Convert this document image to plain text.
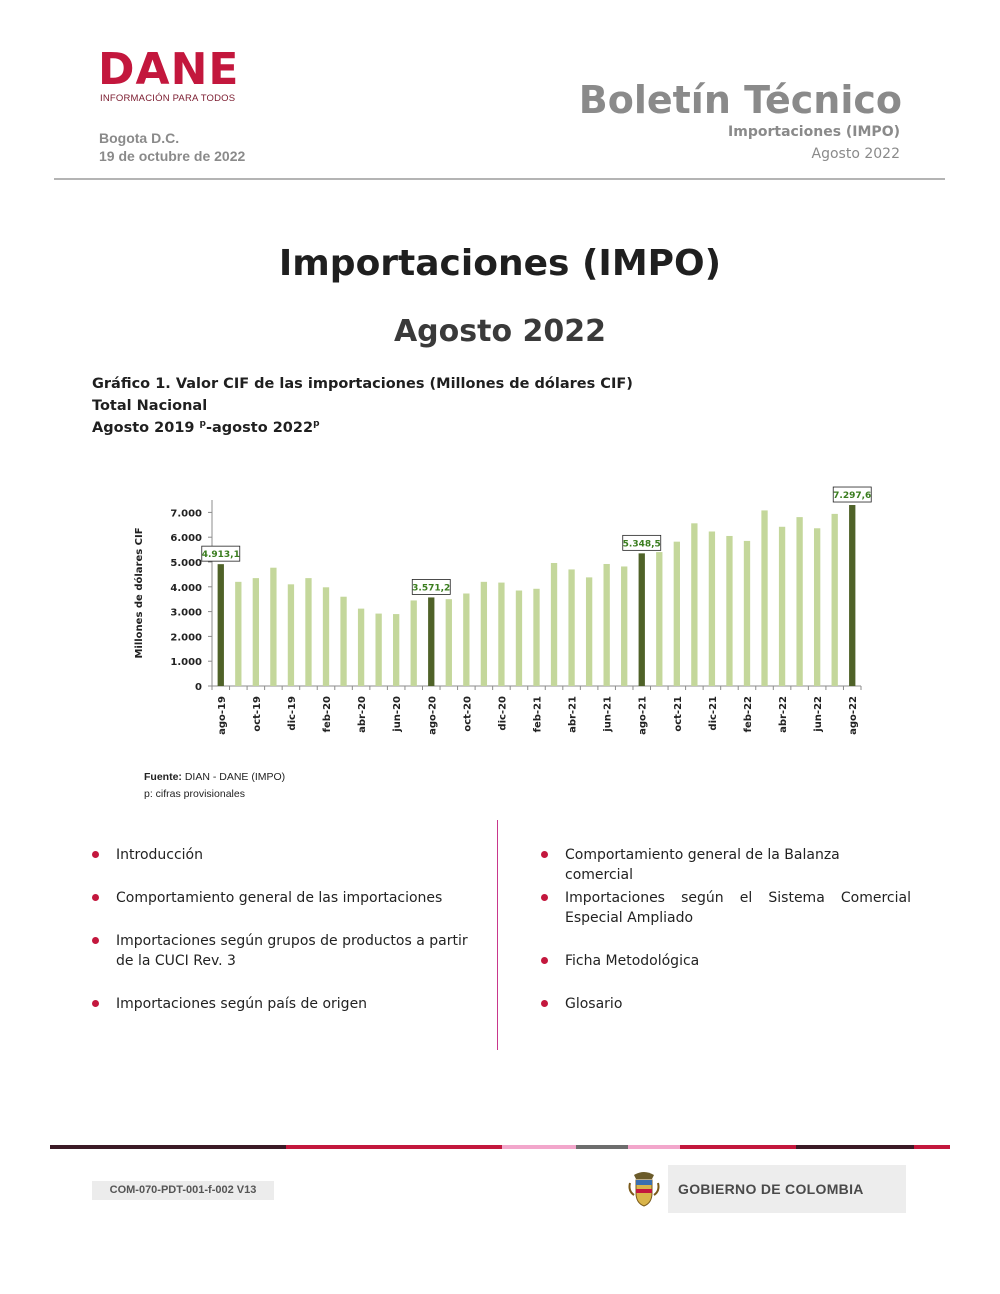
DANE
INFORMACIÓN PARA TODOS
Bogota D.C.
19 de octubre de 2022
Boletín Técnico
Importaciones (IMPO)
Agosto 2022
Importaciones (IMPO)
Agosto 2022
Gráfico 1. Valor CIF de las importaciones (Millones de dólares CIF)
Total Nacional
Agosto 2019 $^p$-agosto 2022$^p$
0
1.000
2.000
3.000
4.000
5.000
6.000
7.000
Millones de dólares CIF
ago-19
4.913,1
oct-19 dic-19 feb-20 abr-20 jun-20 ago-20
3.571,2
oct-20 dic-20 feb-21 abr-21 jun-21 ago-21
5.348,5
oct-21 dic-21 feb-22 abr-22 jun-22 ago-22
7.297,6
Fuente: DIAN - DANE (IMPO)
p: cifras provisionales
Introducción
Comportamiento general de las importaciones
Importaciones según grupos de productos a partir de la CUCI Rev. 3
Importaciones según país de origen
Comportamiento general de la Balanza comercial
Importaciones según el Sistema Comercial Especial Ampliado
Ficha Metodológica
Glosario
COM-070-PDT-001-f-002 V13	GOBIERNO DE COLOMBIA
